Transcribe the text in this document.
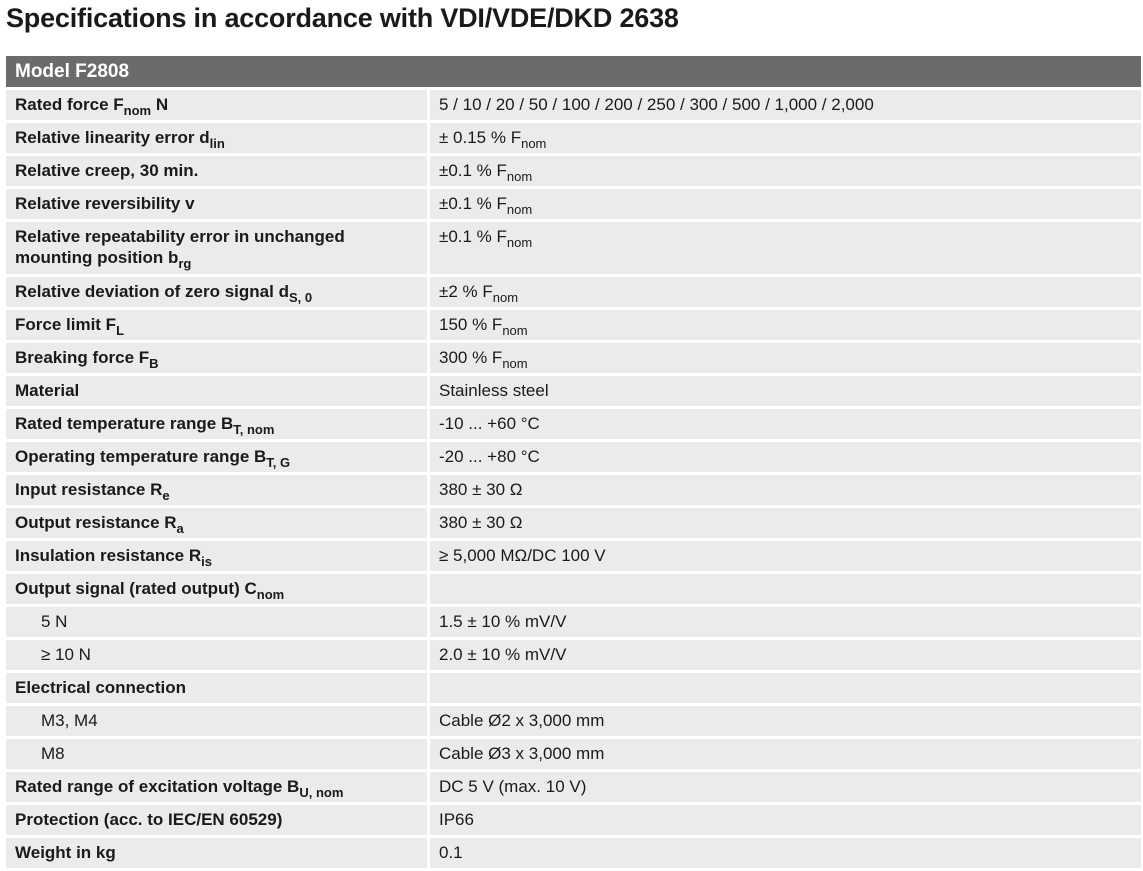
Specifications in accordance with VDI/VDE/DKD 2638
Model F2808	
Rated force $F_{nom}$ N	5 / 10 / 20 / 50 / 100 / 200 / 250 / 300 / 500 / 1,000 / 2,000
Relative linearity error $d_{lin}$	± 0.15 % $F_{nom}$
Relative creep, 30 min.	±0.1 % $F_{nom}$
Relative reversibility v	±0.1 % $F_{nom}$
Relative repeatability error in unchanged mounting position $b_{rg}$	±0.1 % $F_{nom}$
Relative deviation of zero signal $d_{S, 0}$	±2 % $F_{nom}$
Force limit $F_L$	150 % $F_{nom}$
Breaking force $F_B$	300 % $F_{nom}$
Material	Stainless steel
Rated temperature range $B_{T, nom}$	-10 ... +60 °C
Operating temperature range $B_{T, G}$	-20 ... +80 °C
Input resistance $R_e$	380 ± 30 Ω
Output resistance $R_a$	380 ± 30 Ω
Insulation resistance $R_{is}$	≥ 5,000 MΩ/DC 100 V
Output signal (rated output) $C_{nom}$	
5 N	1.5 ± 10 % mV/V
≥ 10 N	2.0 ± 10 % mV/V
Electrical connection	
M3, M4	Cable Ø2 x 3,000 mm
M8	Cable Ø3 x 3,000 mm
Rated range of excitation voltage $B_{U, nom}$	DC 5 V (max. 10 V)
Protection (acc. to IEC/EN 60529)	IP66
Weight in kg	0.1
